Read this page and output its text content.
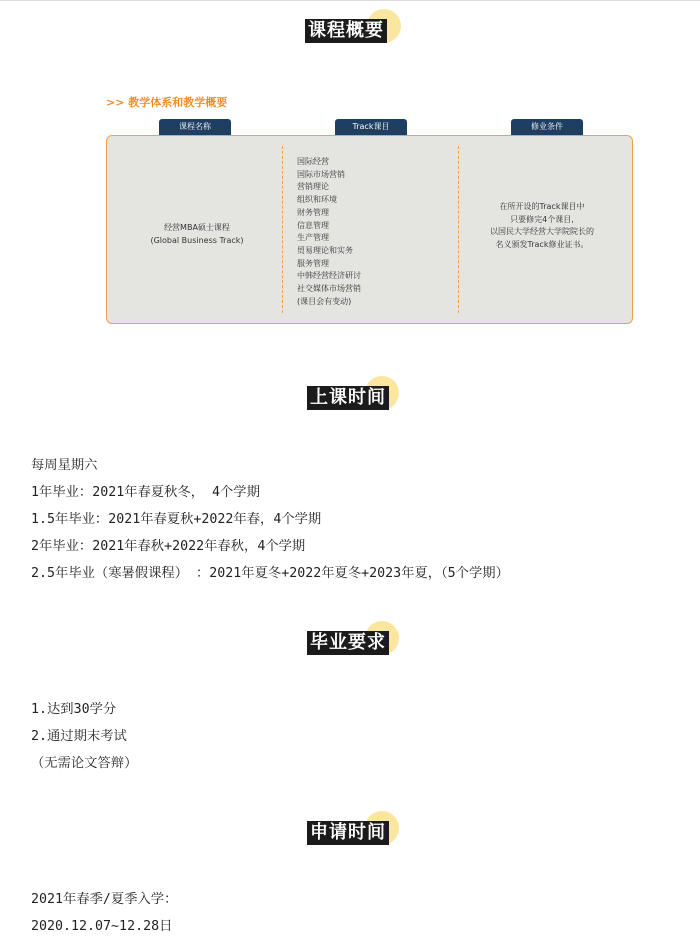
课程概要
>> 教学体系和教学概要
课程名称	Track课目	修业条件
经营MBA硕士课程
(Global Business Track)
国际经营
国际市场营销
营销理论
组织和环境
财务管理
信息管理
生产管理
贸易理论和实务
服务管理
中韩经营经济研讨
社交媒体市场营销
(课目会有变动)
在所开设的Track课目中
只要修完4个课目,
以国民大学经营大学院院长的
名义颁发Track修业证书。
上课时间
每周星期六
1年毕业：2021年春夏秋冬， 4个学期
1.5年毕业：2021年春夏秋+2022年春，4个学期
2年毕业：2021年春秋+2022年春秋，4个学期
2.5年毕业（寒暑假课程） ：2021年夏冬+2022年夏冬+2023年夏，（5个学期）
毕业要求
1.达到30学分
2.通过期末考试
（无需论文答辩）
申请时间
2021年春季/夏季入学：
2020.12.07~12.28日
